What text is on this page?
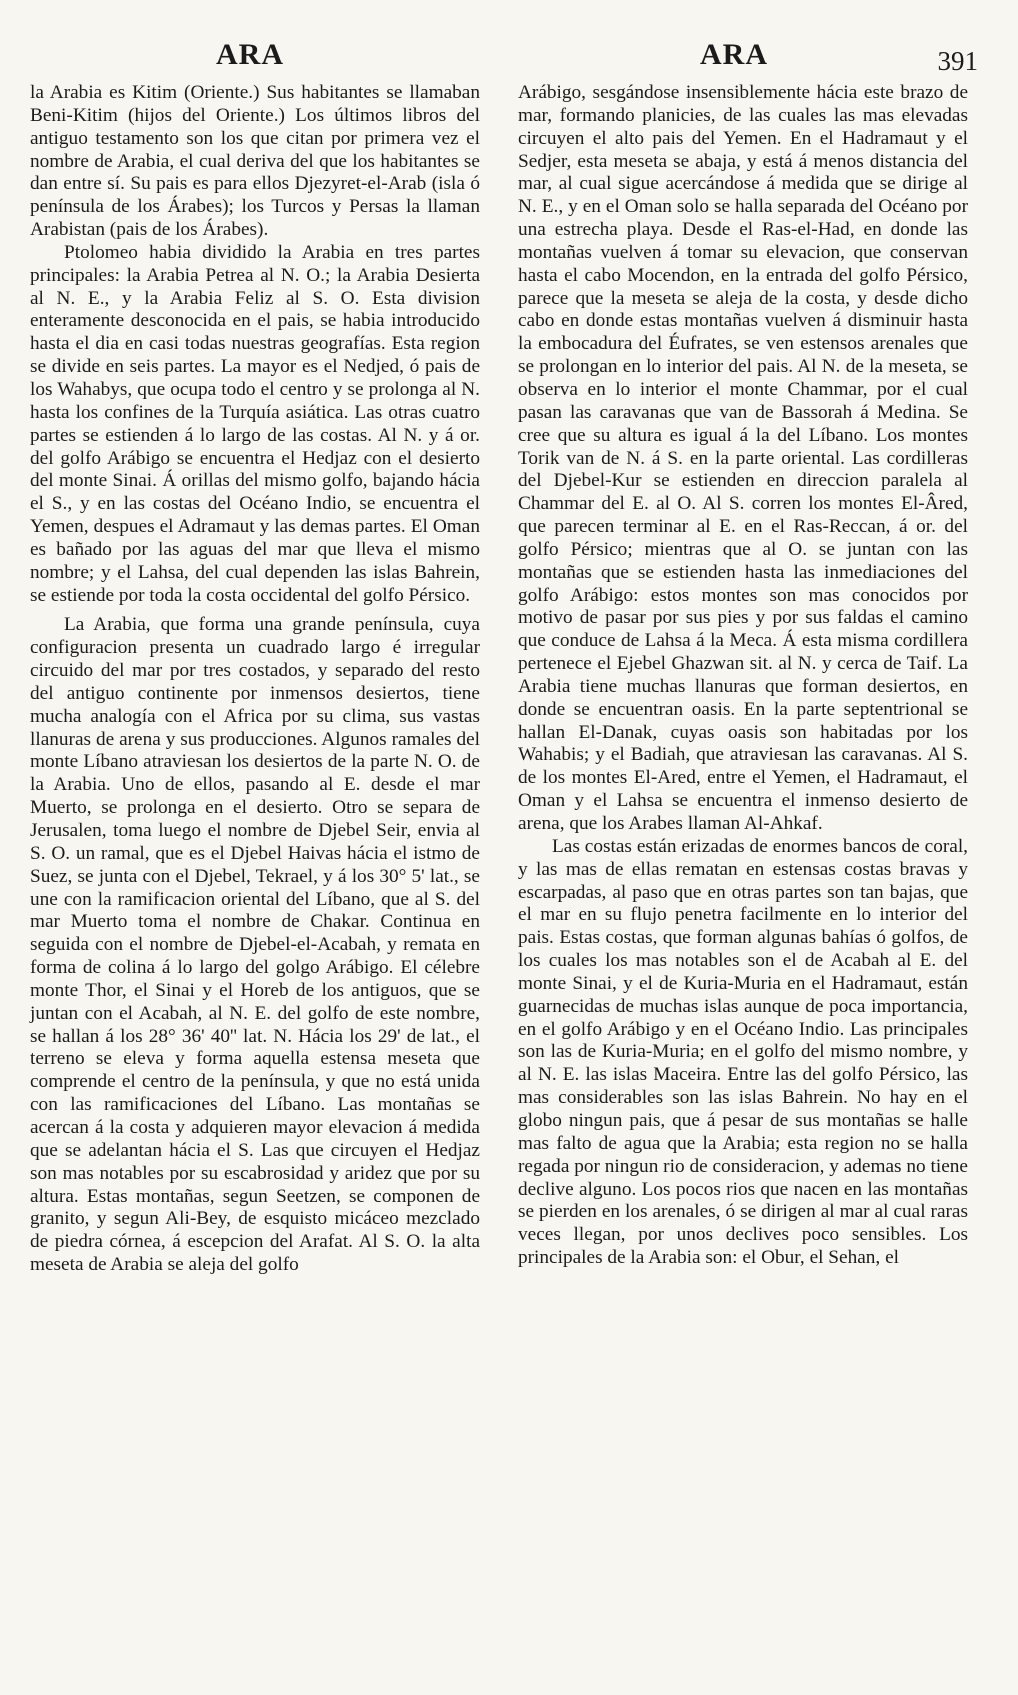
ARA	ARA	391

la Arabia es Kitim (Oriente.) Sus habitantes se llamaban Beni-Kitim (hijos del Oriente.) Los últimos libros del antiguo testamento son los que citan por primera vez el nombre de Arabia, el cual deriva del que los habitantes se dan entre sí. Su pais es para ellos Djezyret-el-Arab (isla ó península de los Árabes); los Turcos y Persas la llaman Arabistan (pais de los Árabes).

Ptolomeo habia dividido la Arabia en tres partes principales: la Arabia Petrea al N. O.; la Arabia Desierta al N. E., y la Arabia Feliz al S. O. Esta division enteramente desconocida en el pais, se habia introducido hasta el dia en casi todas nuestras geografías. Esta region se divide en seis partes. La mayor es el Nedjed, ó pais de los Wahabys, que ocupa todo el centro y se prolonga al N. hasta los confines de la Turquía asiática. Las otras cuatro partes se estienden á lo largo de las costas. Al N. y á or. del golfo Arábigo se encuentra el Hedjaz con el desierto del monte Sinai. Á orillas del mismo golfo, bajando hácia el S., y en las costas del Océano Indio, se encuentra el Yemen, despues el Adramaut y las demas partes. El Oman es bañado por las aguas del mar que lleva el mismo nombre; y el Lahsa, del cual dependen las islas Bahrein, se estiende por toda la costa occidental del golfo Pérsico.

La Arabia, que forma una grande península, cuya configuracion presenta un cuadrado largo é irregular circuido del mar por tres costados, y separado del resto del antiguo continente por inmensos desiertos, tiene mucha analogía con el Africa por su clima, sus vastas llanuras de arena y sus producciones. Algunos ramales del monte Líbano atraviesan los desiertos de la parte N. O. de la Arabia. Uno de ellos, pasando al E. desde el mar Muerto, se prolonga en el desierto. Otro se separa de Jerusalen, toma luego el nombre de Djebel Seir, envia al S. O. un ramal, que es el Djebel Haivas hácia el istmo de Suez, se junta con el Djebel, Tekrael, y á los 30° 5' lat., se une con la ramificacion oriental del Líbano, que al S. del mar Muerto toma el nombre de Chakar. Continua en seguida con el nombre de Djebel-el-Acabah, y remata en forma de colina á lo largo del golgo Arábigo. El célebre monte Thor, el Sinai y el Horeb de los antiguos, que se juntan con el Acabah, al N. E. del golfo de este nombre, se hallan á los 28° 36' 40'' lat. N. Hácia los 29' de lat., el terreno se eleva y forma aquella estensa meseta que comprende el centro de la península, y que no está unida con las ramificaciones del Líbano. Las montañas se acercan á la costa y adquieren mayor elevacion á medida que se adelantan hácia el S. Las que circuyen el Hedjaz son mas notables por su escabrosidad y aridez que por su altura. Estas montañas, segun Seetzen, se componen de granito, y segun Ali-Bey, de esquisto micáceo mezclado de piedra córnea, á escepcion del Arafat. Al S. O. la alta meseta de Arabia se aleja del golfo

Arábigo, sesgándose insensiblemente hácia este brazo de mar, formando planicies, de las cuales las mas elevadas circuyen el alto pais del Yemen. En el Hadramaut y el Sedjer, esta meseta se abaja, y está á menos distancia del mar, al cual sigue acercándose á medida que se dirige al N. E., y en el Oman solo se halla separada del Océano por una estrecha playa. Desde el Ras-el-Had, en donde las montañas vuelven á tomar su elevacion, que conservan hasta el cabo Mocendon, en la entrada del golfo Pérsico, parece que la meseta se aleja de la costa, y desde dicho cabo en donde estas montañas vuelven á disminuir hasta la embocadura del Éufrates, se ven estensos arenales que se prolongan en lo interior del pais. Al N. de la meseta, se observa en lo interior el monte Chammar, por el cual pasan las caravanas que van de Bassorah á Medina. Se cree que su altura es igual á la del Líbano. Los montes Torik van de N. á S. en la parte oriental. Las cordilleras del Djebel-Kur se estienden en direccion paralela al Chammar del E. al O. Al S. corren los montes El-Âred, que parecen terminar al E. en el Ras-Reccan, á or. del golfo Pérsico; mientras que al O. se juntan con las montañas que se estienden hasta las inmediaciones del golfo Arábigo: estos montes son mas conocidos por motivo de pasar por sus pies y por sus faldas el camino que conduce de Lahsa á la Meca. Á esta misma cordillera pertenece el Ejebel Ghazwan sit. al N. y cerca de Taif. La Arabia tiene muchas llanuras que forman desiertos, en donde se encuentran oasis. En la parte septentrional se hallan El-Danak, cuyas oasis son habitadas por los Wahabis; y el Badiah, que atraviesan las caravanas. Al S. de los montes El-Ared, entre el Yemen, el Hadramaut, el Oman y el Lahsa se encuentra el inmenso desierto de arena, que los Arabes llaman Al-Ahkaf.

Las costas están erizadas de enormes bancos de coral, y las mas de ellas rematan en estensas costas bravas y escarpadas, al paso que en otras partes son tan bajas, que el mar en su flujo penetra facilmente en lo interior del pais. Estas costas, que forman algunas bahías ó golfos, de los cuales los mas notables son el de Acabah al E. del monte Sinai, y el de Kuria-Muria en el Hadramaut, están guarnecidas de muchas islas aunque de poca importancia, en el golfo Arábigo y en el Océano Indio. Las principales son las de Kuria-Muria; en el golfo del mismo nombre, y al N. E. las islas Maceira. Entre las del golfo Pérsico, las mas considerables son las islas Bahrein. No hay en el globo ningun pais, que á pesar de sus montañas se halle mas falto de agua que la Arabia; esta region no se halla regada por ningun rio de consideracion, y ademas no tiene declive alguno. Los pocos rios que nacen en las montañas se pierden en los arenales, ó se dirigen al mar al cual raras veces llegan, por unos declives poco sensibles. Los principales de la Arabia son: el Obur, el Sehan, el
